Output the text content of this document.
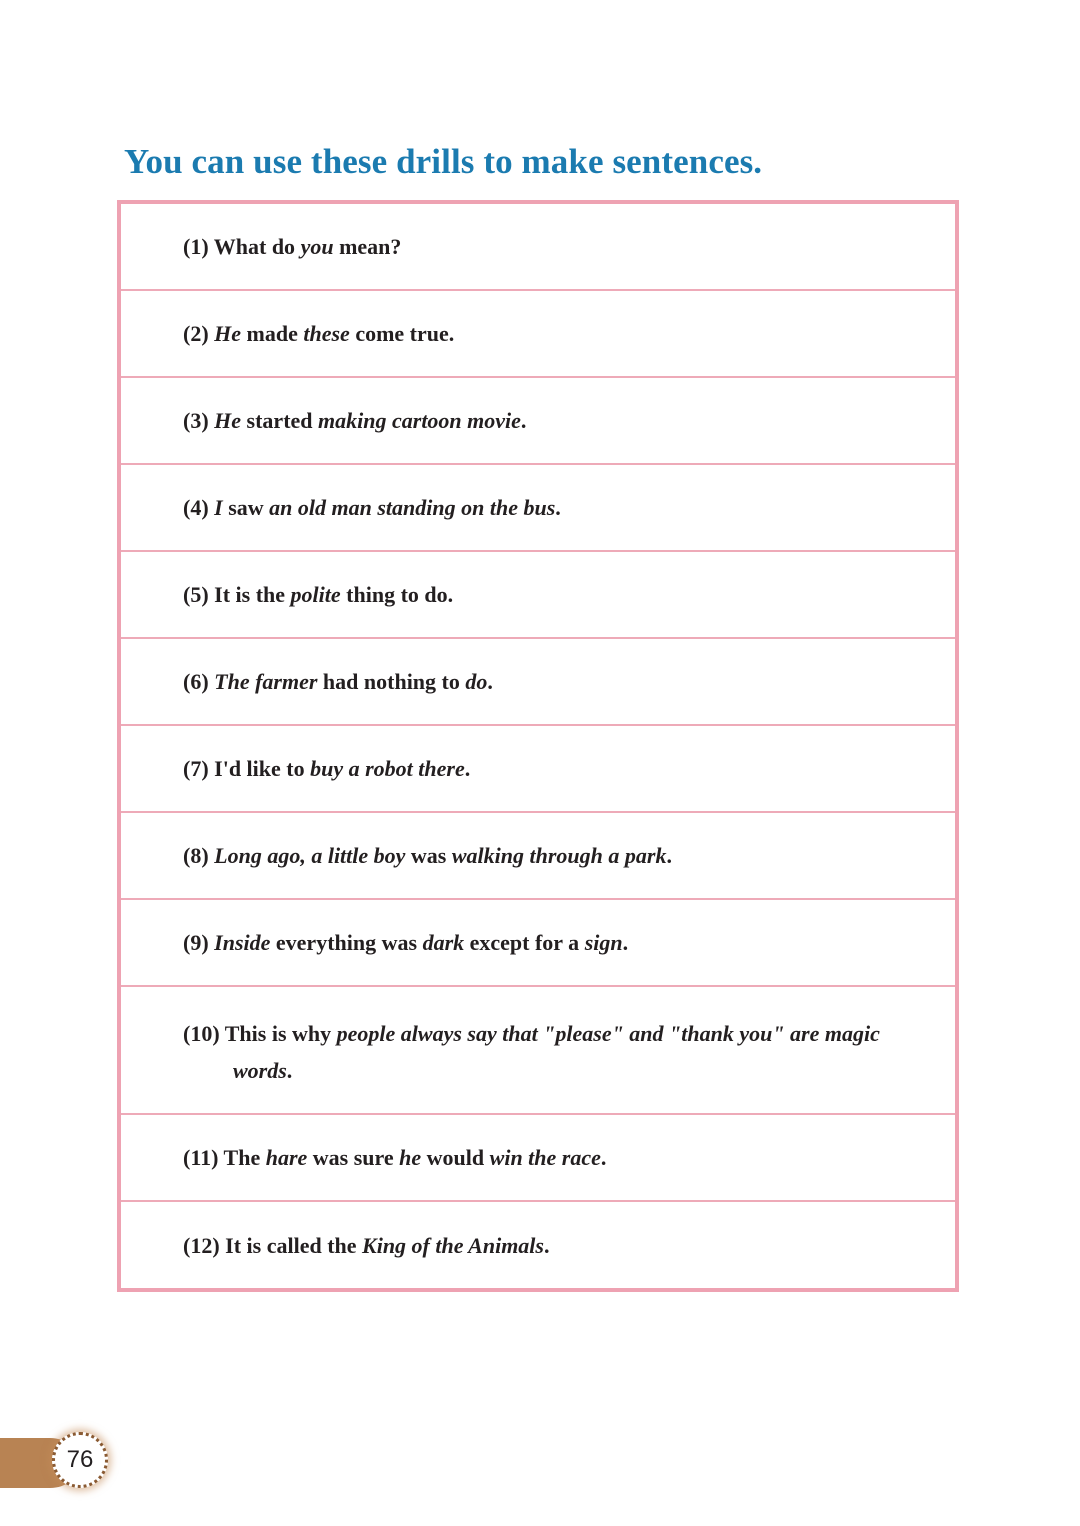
You can use these drills to make sentences.
(1) What do you mean?
(2) He made these come true.
(3) He started making cartoon movie.
(4) I saw an old man standing on the bus.
(5) It is the polite thing to do.
(6) The farmer had nothing to do.
(7) I'd like to buy a robot there.
(8) Long ago, a little boy was walking through a park.
(9) Inside everything was dark except for a sign.
(10) This is why people always say that "please" and "thank you" are magic words.
(11) The hare was sure he would win the race.
(12) It is called the King of the Animals.
76
